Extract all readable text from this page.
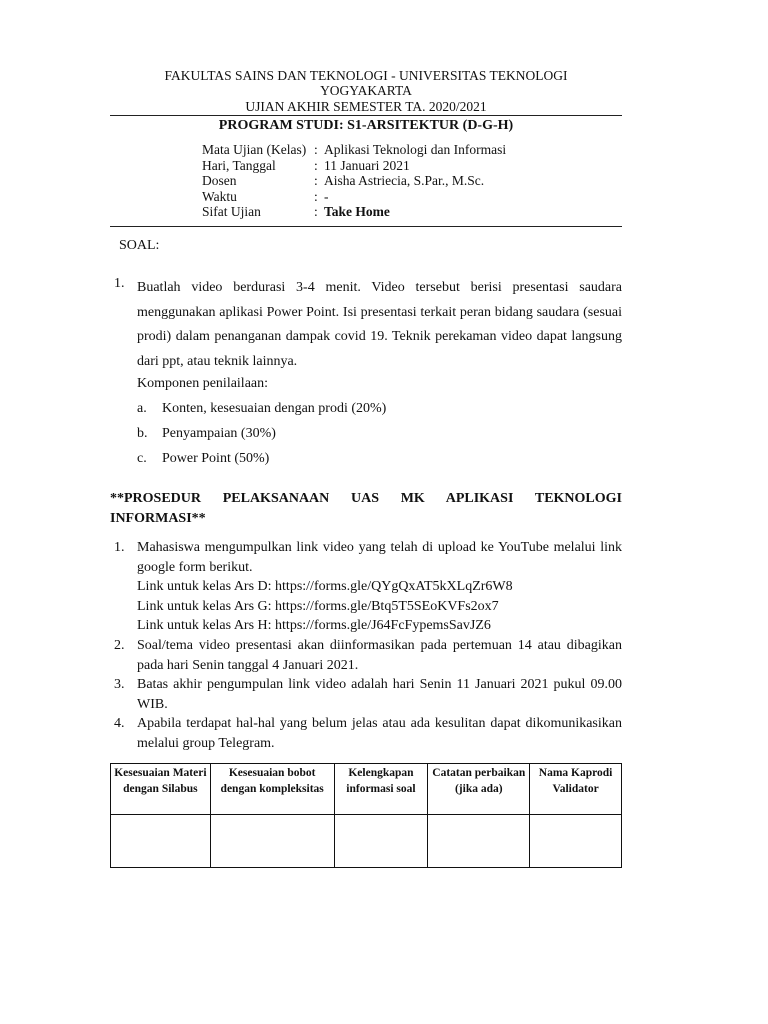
FAKULTAS SAINS DAN TEKNOLOGI - UNIVERSITAS TEKNOLOGI
YOGYAKARTA
UJIAN AKHIR SEMESTER TA. 2020/2021
PROGRAM STUDI: S1-ARSITEKTUR (D-G-H)
Mata Ujian (Kelas) : Aplikasi Teknologi dan Informasi
Hari, Tanggal	: 11 Januari 2021
Dosen	: Aisha Astriecia, S.Par., M.Sc.
Waktu	: -
Sifat Ujian	: Take Home
SOAL:
1. Buatlah video berdurasi 3-4 menit. Video tersebut berisi presentasi saudara menggunakan aplikasi Power Point. Isi presentasi terkait peran bidang saudara (sesuai prodi) dalam penanganan dampak covid 19. Teknik perekaman video dapat langsung dari ppt, atau teknik lainnya.
Komponen penilailaan:
a. Konten, kesesuaian dengan prodi (20%)
b. Penyampaian (30%)
c. Power Point (50%)
**PROSEDUR PELAKSANAAN UAS MK APLIKASI TEKNOLOGI
INFORMASI**
1. Mahasiswa mengumpulkan link video yang telah di upload ke YouTube melalui link google form berikut.
Link untuk kelas Ars D: https://forms.gle/QYgQxAT5kXLqZr6W8
Link untuk kelas Ars G: https://forms.gle/Btq5T5SEoKVFs2ox7
Link untuk kelas Ars H: https://forms.gle/J64FcFypemsSavJZ6
2. Soal/tema video presentasi akan diinformasikan pada pertemuan 14 atau dibagikan pada hari Senin tanggal 4 Januari 2021.
3. Batas akhir pengumpulan link video adalah hari Senin 11 Januari 2021 pukul 09.00 WIB.
4. Apabila terdapat hal-hal yang belum jelas atau ada kesulitan dapat dikomunikasikan melalui group Telegram.
Kesesuaian Materi dengan Silabus	Kesesuaian bobot dengan kompleksitas	Kelengkapan informasi soal	Catatan perbaikan (jika ada)	Nama Kaprodi Validator
